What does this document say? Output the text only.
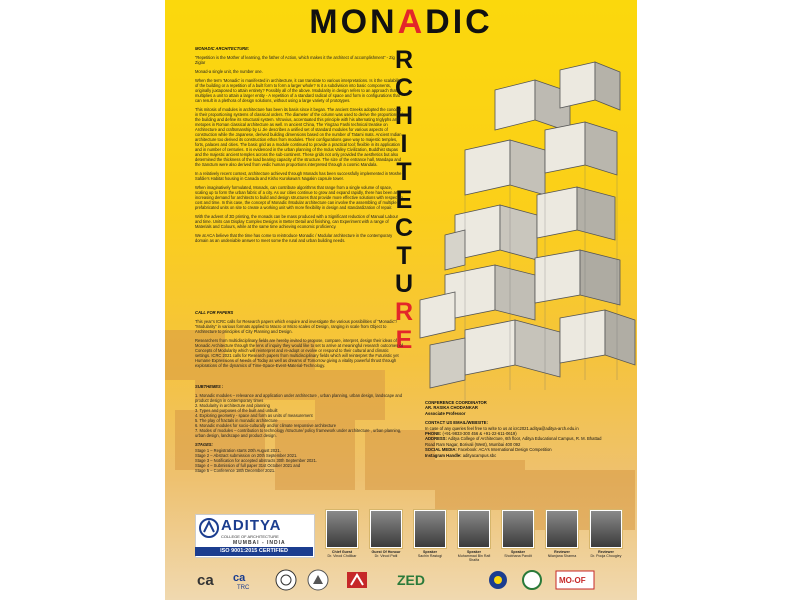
MONADIC
R
C
H
I
T
E
C
T
U
R
E

MONADIC ARCHITECTURE:

“Repetition is the Mother of learning, the father of Action, which makes it the architect of accomplishment” - Zig Ziglar

Monad-a single unit, the number one.

When the term ‘Monadic’ is manifested in architecture, it can translate to various interpretations. Is it the scalability of the building or a repetition of a built form to form a larger whole? Is it a subdivision into basic components, originally juxtaposed to attain entirety? Possibly all of the above. Modularity in design refers to an approach that multiplies a unit to attain a larger entity - A repetition of a standard radical of space and form in configurations that can result in a plethora of design solutions, without using a large variety of prototypes.

This mitosis of modules in architecture has been its basis since it began. The ancient Greeks adopted the concept in their proportioning systems of classical orders. The diameter of the column was used to derive the proportions of the building and define its structural system. Vitruvius, accentuated this principle with his alternating triglyphs and metopes in Roman classical architecture as well. In ancient China, The Yingzao Fashi technical treatise on Architecture and craftsmanship by Li Jie describes a unified set of standard modules for various aspects of construction while the Japanese, derived building dimensions based on the number of Tatami mats. Ancient Indian architecture too derived its construction ethos from modules. Their configurations gave way to majestic temples, forts, palaces and cities. The basic grid as a module continued to provide a practical tool; flexible in its application and in number of centuries. It is evidenced in the urban planning of the Indus Valley Civilization, Buddhist stupas and the majestic ancient temples across the sub-continent. These grids not only provided the aesthetics but also determined the thickness of the load bearing capacity of the structure. The size of the entrance hall, Mandapa and the Sanctum were also derived from vedic human proportions interpreted through a cosmic Mandala.

In a relatively recent context, architecture achieved through Monads has been successfully implemented in Moshe Safdie’s Habitat housing in Canada and Kisho Kurokawa’s Nagakin capsule tower.

When imaginatively formulated, Monads, can contribute algorithms that range from a single volume of space, scaling up to form the urban fabric of a city. As our cities continue to grow and expand rapidly, there has been an increasing demand for architects to build and design structures that provide more effective solutions with respect to cost and time. In this case, the concept of Monadic /Modular architecture can involve the assembling of multiple prefabricated units on site to create a working unit with more flexibility in design and standardization of repair.

With the advent of 3D printing, the monads can be mass produced with a Significant reduction of Manual Labour and time. Units can Display Complex Designs in Better Detail and finishing, can Experiment with a range of Materials and Colours, while at the same time achieving economic proficiency.

We at ACA believe that the time has come to reintroduce Monadic / Modular architecture in the contemporary domain as an undeniable answer to meet some the rural and urban building needs.

CALL FOR PAPERS

This year’s ICRC calls for Research papers which enquire and investigate the various possibilities of “Monadic”/ “Modularity” in various formats applied to Macro or Micro scales of Design, ranging in scale from Object to Architecture to principles of City Planning and Design.

Researchers from multidisciplinary fields are hereby invited to propose, compare, interpret, design their ideas of Monadic Architecture through the lens of inquiry they would like to set to arrive at meaningful research outcomes of Concepts of Modularity which will reinterpret and re-adopt or evolve or respond to their cultural and climatic settings. ICRC 2021 calls for Research papers from multidisciplinary fields which will reinterpret the Futuristic yet Humane Expressions of Needs of Today as well as dreams of Tomorrow giving a vitality powerful thrust through explorations of the dynamics of Time-Space-Event-Material-Technology.

SUBTHEMES :

1. Monadic modules – relevance and application under architecture , urban planning, urban design, landscape and product design in contemporary times
2. Modularity in architecture and planning
3. Types and purposes of the built and unbuilt
4. Exploring geometry - space and form as units of measurement
5. The play of fractals in monadic architecture
6. Monadic modules for socio-culturally and/or climate responsive architecture
7. Modes of modules – contribution to technology /structure/ policy framework under architecture , urban planning, urban design, landscape and product design.

STAGES:

Stage 1 – Registration starts 20th August 2021.
Stage 2 – Abstract submission on 20th September 2021.
Stage 3 – Notification for accepted abstracts 30th September 2021.
Stage 4 – Submission of full paper 31st October 2021 and
Stage 5 – Conference 18th December 2021.
CONFERENCE COORDINATOR
AR. RASIKA CHODANKAR
Associate Professor
CONTACT US EMAIL/WEBSITE:
In case of any queries feel free to write to us at icrc2021.aditya@aditya-arch.edu.in
PHONE: (+91-9833-300 456 & +91-22-611-0619)
ADDRESS: Aditya College of Architecture, 6th floor, Aditya Educational Campus, R. M. Bhattad Road Ram Nagar, Borivali (West), Mumbai 400 092
SOCIAL MEDIA: Facebook: ACA’s International Design Competition
Instagram Handle: adityacampus.sbc
ADITYA
COLLEGE OF ARCHITECTURE
MUMBAI - INDIA
ISO 9001:2015 CERTIFIED	Chief Guest
Dr. Vinod Chdlikar
Guest Of Honour
Dr. Vinod Patil
Speaker
Sachin Rastogi
Speaker
Muhammad Bin Rafi Shaifa
Speaker
Shobhana Pandit
Reviewer
Nilanjana Sharma
Reviewer
Dr. Pooja Chougley
ca ca
TRC	ZED	MO-OF
